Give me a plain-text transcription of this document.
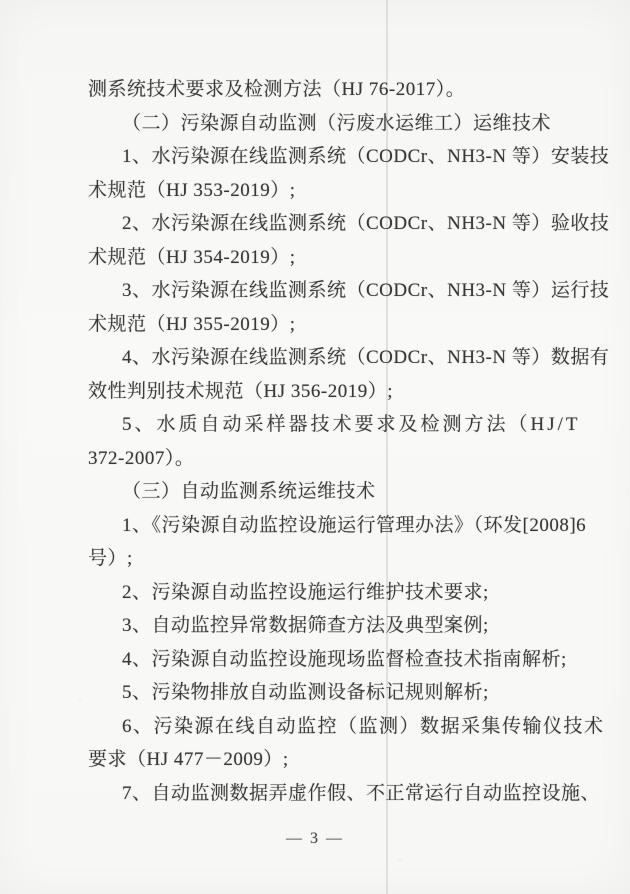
测系统技术要求及检测方法（HJ 76-2017）。
（二）污染源自动监测（污废水运维工）运维技术
1、水污染源在线监测系统（CODCr、NH3-N 等）安装技
术规范（HJ 353-2019）;
2、水污染源在线监测系统（CODCr、NH3-N 等）验收技
术规范（HJ 354-2019）;
3、水污染源在线监测系统（CODCr、NH3-N 等）运行技
术规范（HJ 355-2019）;
4、水污染源在线监测系统（CODCr、NH3-N 等）数据有
效性判别技术规范（HJ 356-2019）;
5、水质自动采样器技术要求及检测方法（HJ/T
372-2007）。
（三）自动监测系统运维技术
1、《污染源自动监控设施运行管理办法》（环发[2008]6
号）;
2、污染源自动监控设施运行维护技术要求;
3、自动监控异常数据筛查方法及典型案例;
4、污染源自动监控设施现场监督检查技术指南解析;
5、污染物排放自动监测设备标记规则解析;
6、污染源在线自动监控（监测）数据采集传输仪技术
要求（HJ 477－2009）;
7、自动监测数据弄虚作假、不正常运行自动监控设施、
— 3 —
